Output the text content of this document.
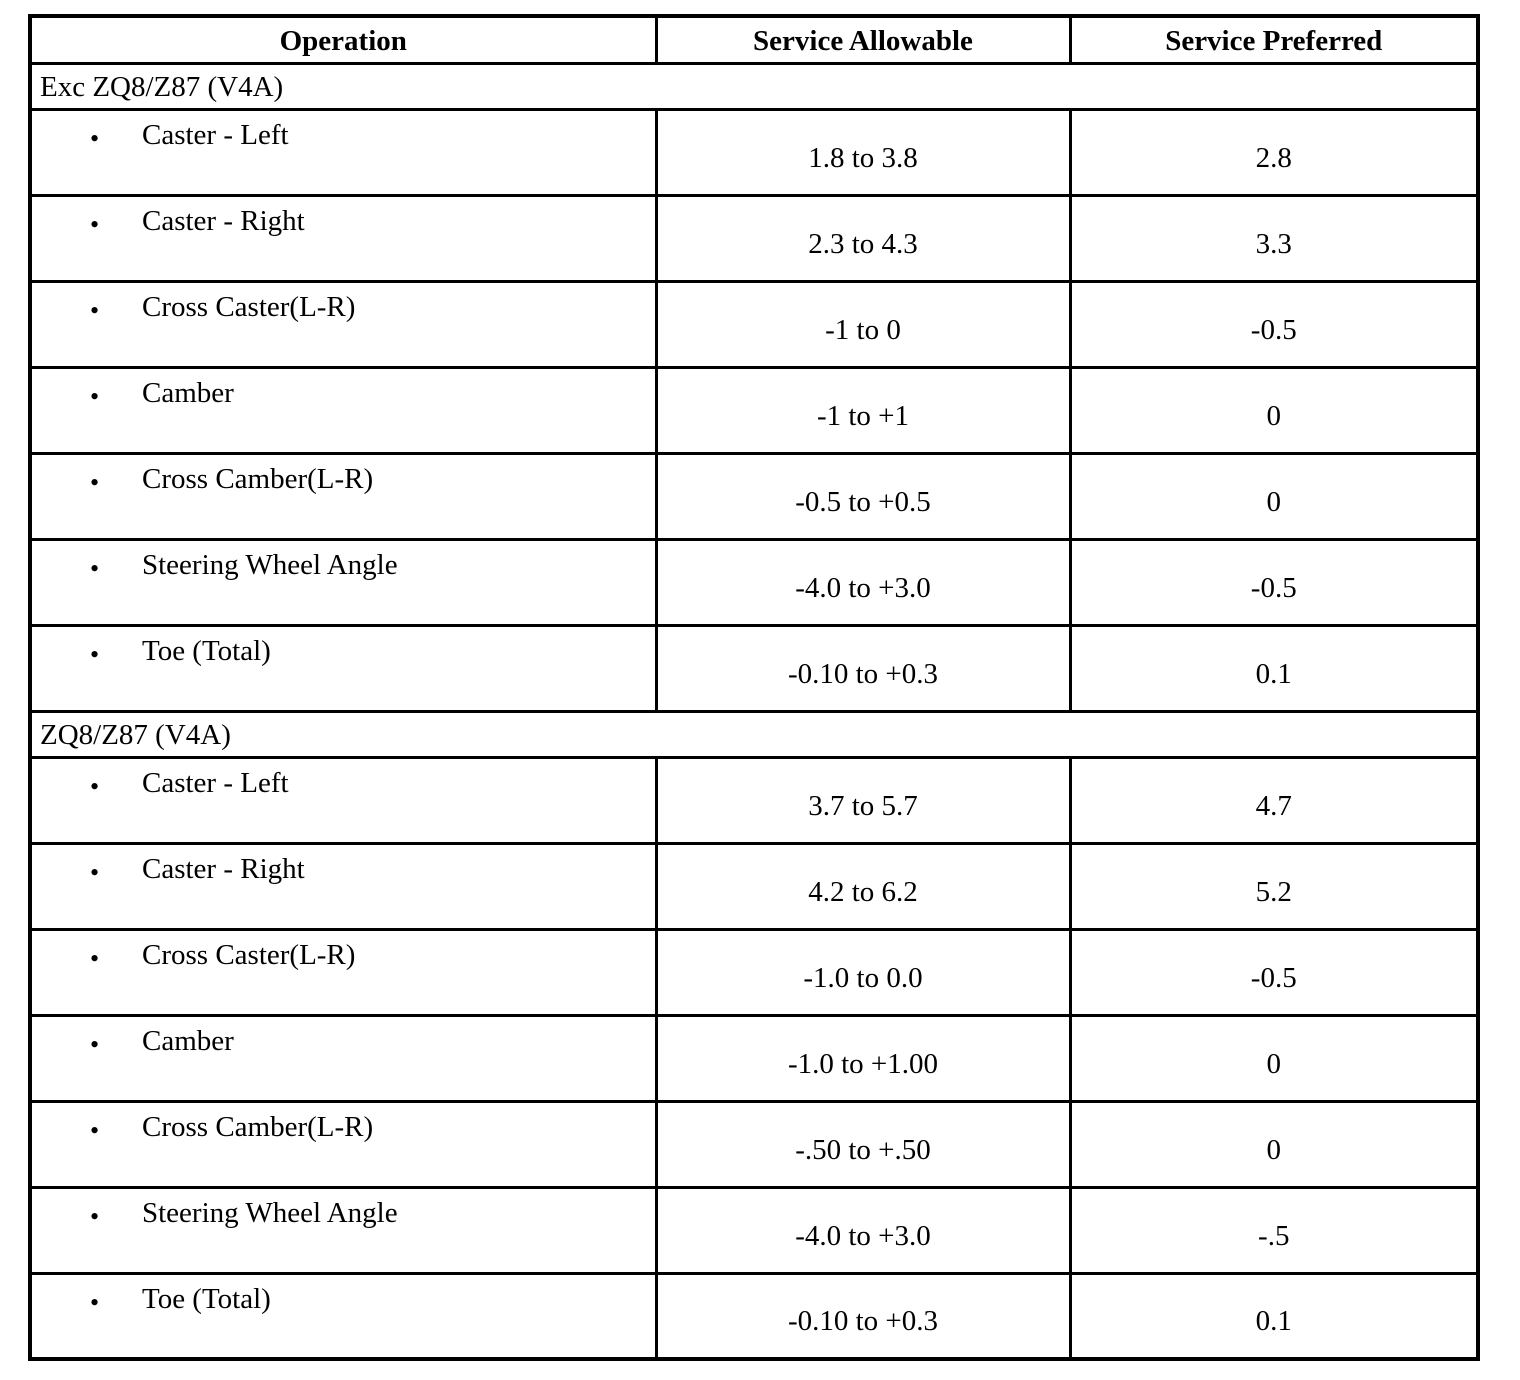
Operation	Service Allowable	Service Preferred
Exc ZQ8/Z87 (V4A)		

• Caster - Left	1.8 to 3.8	2.8

• Caster - Right	2.3 to 4.3	3.3

• Cross Caster(L-R)	-1 to 0	-0.5

• Camber	-1 to +1	0

• Cross Camber(L-R)	-0.5 to +0.5	0

• Steering Wheel Angle	-4.0 to +3.0	-0.5

• Toe (Total)	-0.10 to +0.3	0.1
ZQ8/Z87 (V4A)		

• Caster - Left	3.7 to 5.7	4.7

• Caster - Right	4.2 to 6.2	5.2

• Cross Caster(L-R)	-1.0 to 0.0	-0.5

• Camber	-1.0 to +1.00	0

• Cross Camber(L-R)	-.50 to +.50	0

• Steering Wheel Angle	-4.0 to +3.0	-.5

• Toe (Total)	-0.10 to +0.3	0.1
